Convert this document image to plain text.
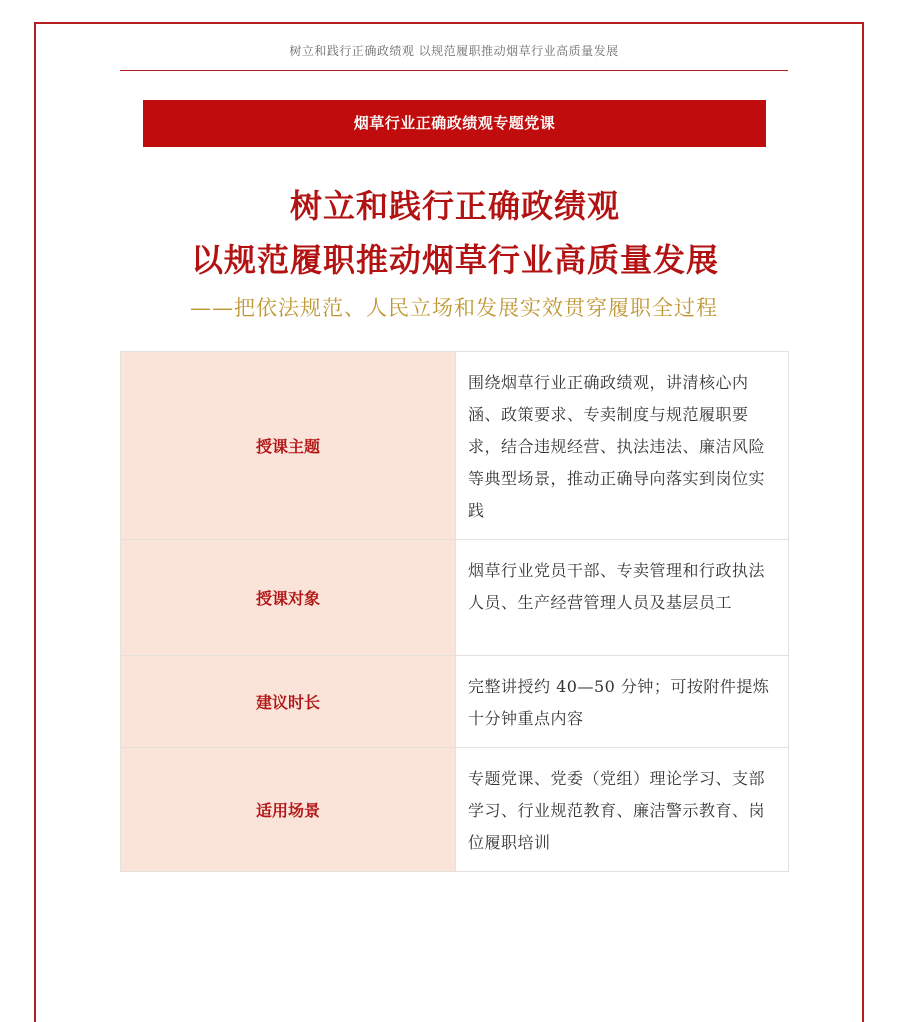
树立和践行正确政绩观 以规范履职推动烟草行业高质量发展
烟草行业正确政绩观专题党课
树立和践行正确政绩观
以规范履职推动烟草行业高质量发展
——把依法规范、人民立场和发展实效贯穿履职全过程
授课主题	围绕烟草行业正确政绩观，讲清核心内涵、政策要求、专卖制度与规范履职要求，结合违规经营、执法违法、廉洁风险等典型场景，推动正确导向落实到岗位实践
授课对象	烟草行业党员干部、专卖管理和行政执法人员、生产经营管理人员及基层员工
建议时长	完整讲授约 40—50 分钟；可按附件提炼十分钟重点内容
适用场景	专题党课、党委（党组）理论学习、支部学习、行业规范教育、廉洁警示教育、岗位履职培训
